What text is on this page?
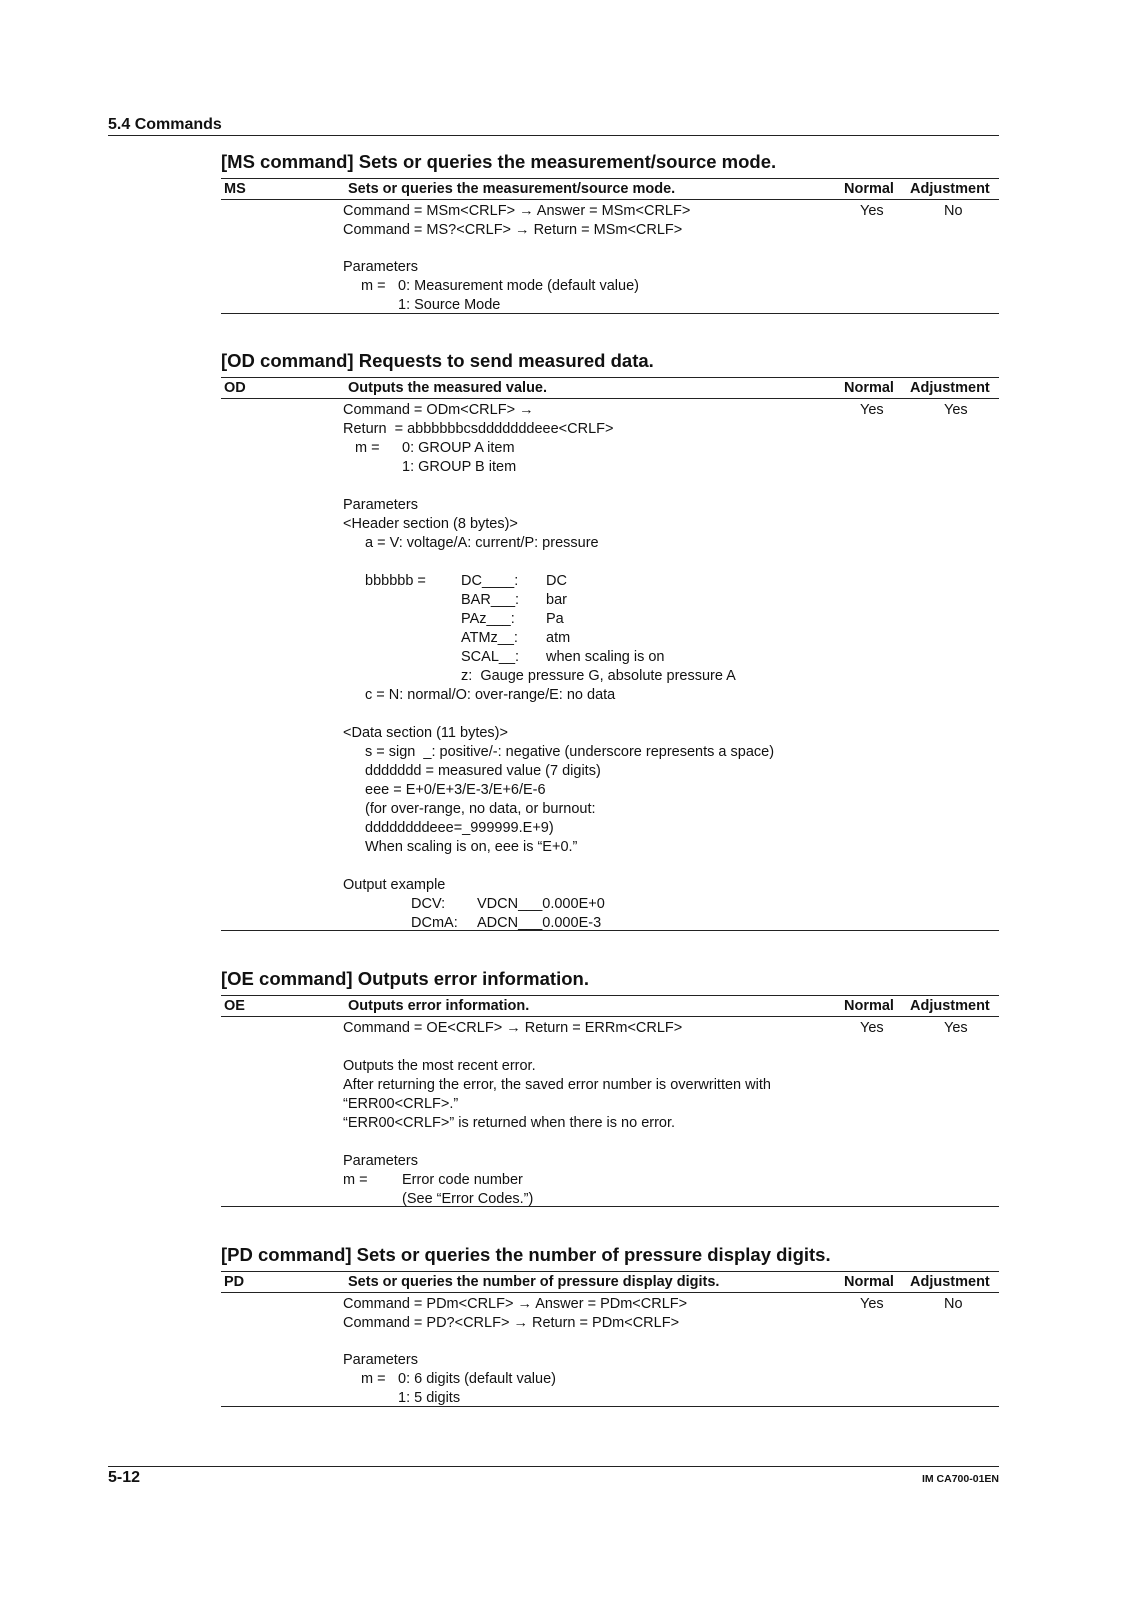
5.4 Commands
[MS command] Sets or queries the measurement/source mode.
MS	Sets or queries the measurement/source mode.	Normal Adjustment
Yes	No
Command = MSm<CRLF> → Answer = MSm<CRLF>
Command = MS?<CRLF> → Return = MSm<CRLF>
Parameters
m = 0: Measurement mode (default value)
1: Source Mode
[OD command] Requests to send measured data.
OD	Outputs the measured value.	Normal Adjustment
Yes	Yes
Command = ODm<CRLF> →
Return  = abbbbbbcsdddddddeee<CRLF>
m = 0: GROUP A item
1: GROUP B item
Parameters
<Header section (8 bytes)>
a = V: voltage/A: current/P: pressure
bbbbbb = DC____: DC
BAR___: bar
PAz___: Pa
ATMz__: atm
SCAL__: when scaling is on
z:  Gauge pressure G, absolute pressure A
c = N: normal/O: over-range/E: no data
<Data section (11 bytes)>
s = sign  _: positive/-: negative (underscore represents a space)
ddddddd = measured value (7 digits)
eee = E+0/E+3/E-3/E+6/E-6
(for over-range, no data, or burnout:
ddddddddeee=_999999.E+9)
When scaling is on, eee is “E+0.”
Output example
DCV: VDCN___0.000E+0
DCmA: ADCN___0.000E-3
[OE command] Outputs error information.
OE	Outputs error information.	Normal Adjustment
Yes	Yes
Command = OE<CRLF> → Return = ERRm<CRLF>
Outputs the most recent error.
After returning the error, the saved error number is overwritten with
“ERR00<CRLF>.”
“ERR00<CRLF>” is returned when there is no error.
Parameters
m = Error code number
(See “Error Codes.”)
[PD command] Sets or queries the number of pressure display digits.
PD	Sets or queries the number of pressure display digits.	Normal Adjustment
Yes	No
Command = PDm<CRLF> → Answer = PDm<CRLF>
Command = PD?<CRLF> → Return = PDm<CRLF>
Parameters
m = 0: 6 digits (default value)
1: 5 digits
5-12	IM CA700-01EN
